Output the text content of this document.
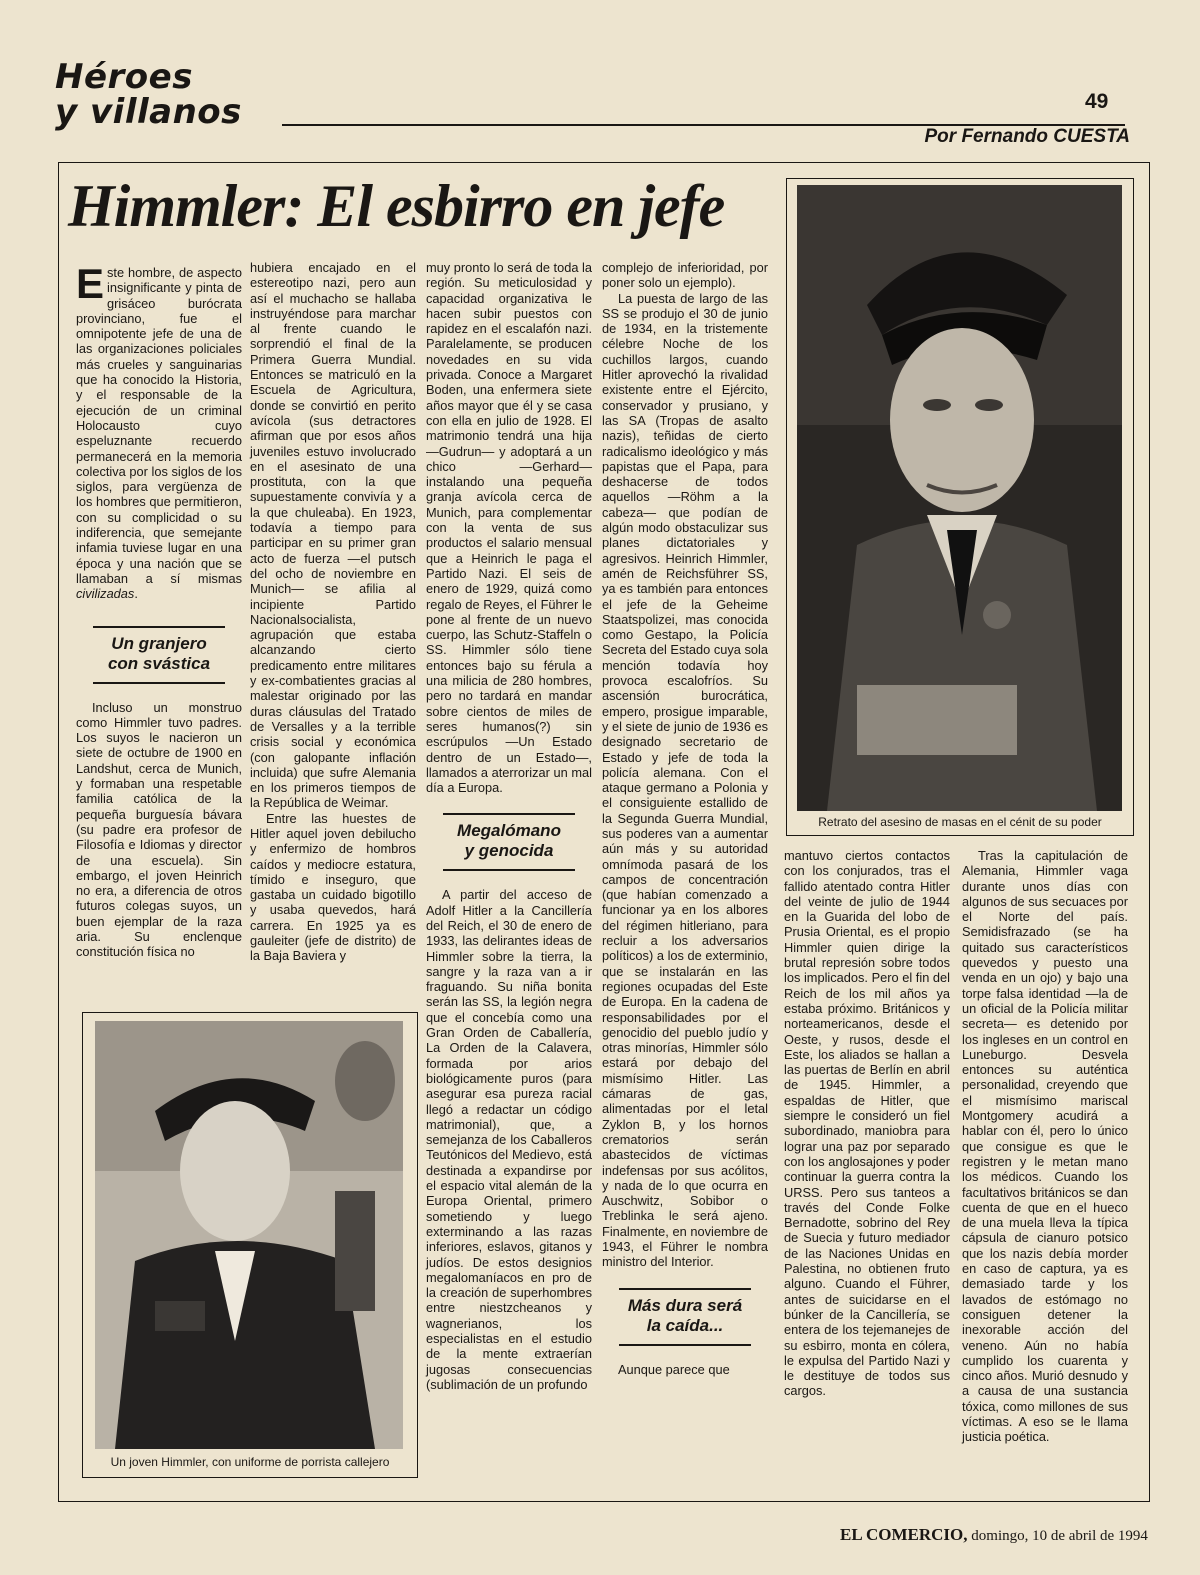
Héroes
y villanos	49
Por Fernando CUESTA
Himmler: El esbirro en jefe

Este hombre, de aspecto insignificante y pinta de grisáceo burócrata provinciano, fue el omnipotente jefe de una de las organizaciones policiales más crueles y sanguinarias que ha conocido la Historia, y el responsable de la ejecución de un criminal Holocausto cuyo espeluznante recuerdo permanecerá en la memoria colectiva por los siglos de los siglos, para vergüenza de los hombres que permitieron, con su complicidad o su indiferencia, que semejante infamia tuviese lugar en una época y una nación que se llamaban a sí mismas civilizadas.

Un granjero
con svástica

Incluso un monstruo como Himmler tuvo padres. Los suyos le nacieron un siete de octubre de 1900 en Landshut, cerca de Munich, y formaban una respetable familia católica de la pequeña burguesía bávara (su padre era profesor de Filosofía e Idiomas y director de una escuela). Sin embargo, el joven Heinrich no era, a diferencia de otros futuros colegas suyos, un buen ejemplar de la raza aria. Su enclenque constitución física no

hubiera encajado en el estereotipo nazi, pero aun así el muchacho se hallaba instruyéndose para marchar al frente cuando le sorprendió el final de la Primera Guerra Mundial. Entonces se matriculó en la Escuela de Agricultura, donde se convirtió en perito avícola (sus detractores afirman que por esos años juveniles estuvo involucrado en el asesinato de una prostituta, con la que supuestamente convivía y a la que chuleaba). En 1923, todavía a tiempo para participar en su primer gran acto de fuerza —el putsch del ocho de noviembre en Munich— se afilia al incipiente Partido Nacionalsocialista, agrupación que estaba alcanzando cierto predicamento entre militares y ex-combatientes gracias al malestar originado por las duras cláusulas del Tratado de Versalles y a la terrible crisis social y económica (con galopante inflación incluida) que sufre Alemania en los primeros tiempos de la República de Weimar.

Entre las huestes de Hitler aquel joven debilucho y enfermizo de hombros caídos y mediocre estatura, tímido e inseguro, que gastaba un cuidado bigotillo y usaba quevedos, hará carrera. En 1925 ya es gauleiter (jefe de distrito) de la Baja Baviera y

muy pronto lo será de toda la región. Su meticulosidad y capacidad organizativa le hacen subir puestos con rapidez en el escalafón nazi. Paralelamente, se producen novedades en su vida privada. Conoce a Margaret Boden, una enfermera siete años mayor que él y se casa con ella en julio de 1928. El matrimonio tendrá una hija —Gudrun— y adoptará a un chico —Gerhard— instalando una pequeña granja avícola cerca de Munich, para complementar con la venta de sus productos el salario mensual que a Heinrich le paga el Partido Nazi. El seis de enero de 1929, quizá como regalo de Reyes, el Führer le pone al frente de un nuevo cuerpo, las Schutz-Staffeln o SS. Himmler sólo tiene entonces bajo su férula a una milicia de 280 hombres, pero no tardará en mandar sobre cientos de miles de seres humanos(?) sin escrúpulos —Un Estado dentro de un Estado—, llamados a aterrorizar un mal día a Europa.

Megalómano
y genocida

A partir del acceso de Adolf Hitler a la Cancillería del Reich, el 30 de enero de 1933, las delirantes ideas de Himmler sobre la tierra, la sangre y la raza van a ir fraguando. Su niña bonita serán las SS, la legión negra que el concebía como una Gran Orden de Caballería, La Orden de la Calavera, formada por arios biológicamente puros (para asegurar esa pureza racial llegó a redactar un código matrimonial), que, a semejanza de los Caballeros Teutónicos del Medievo, está destinada a expandirse por el espacio vital alemán de la Europa Oriental, primero sometiendo y luego exterminando a las razas inferiores, eslavos, gitanos y judíos. De estos designios megalomaníacos en pro de la creación de superhombres entre niestzcheanos y wagnerianos, los especialistas en el estudio de la mente extraerían jugosas consecuencias (sublimación de un profundo

complejo de inferioridad, por poner solo un ejemplo).

La puesta de largo de las SS se produjo el 30 de junio de 1934, en la tristemente célebre Noche de los cuchillos largos, cuando Hitler aprovechó la rivalidad existente entre el Ejército, conservador y prusiano, y las SA (Tropas de asalto nazis), teñidas de cierto radicalismo ideológico y más papistas que el Papa, para deshacerse de todos aquellos —Röhm a la cabeza— que podían de algún modo obstaculizar sus planes dictatoriales y agresivos. Heinrich Himmler, amén de Reichsführer SS, ya es también para entonces el jefe de la Geheime Staatspolizei, mas conocida como Gestapo, la Policía Secreta del Estado cuya sola mención todavía hoy provoca escalofríos. Su ascensión burocrática, empero, prosigue imparable, y el siete de junio de 1936 es designado secretario de Estado y jefe de toda la policía alemana. Con el ataque germano a Polonia y el consiguiente estallido de la Segunda Guerra Mundial, sus poderes van a aumentar aún más y su autoridad omnímoda pasará de los campos de concentración (que habían comenzado a funcionar ya en los albores del régimen hitleriano, para recluir a los adversarios políticos) a los de exterminio, que se instalarán en las regiones ocupadas del Este de Europa. En la cadena de responsabilidades por el genocidio del pueblo judío y otras minorías, Himmler sólo estará por debajo del mismísimo Hitler. Las cámaras de gas, alimentadas por el letal Zyklon B, y los hornos crematorios serán abastecidos de víctimas indefensas por sus acólitos, y nada de lo que ocurra en Auschwitz, Sobibor o Treblinka le será ajeno. Finalmente, en noviembre de 1943, el Führer le nombra ministro del Interior.

Más dura será
la caída...

Aunque parece que

mantuvo ciertos contactos con los conjurados, tras el fallido atentado contra Hitler del veinte de julio de 1944 en la Guarida del lobo de Prusia Oriental, es el propio Himmler quien dirige la brutal represión sobre todos los implicados. Pero el fin del Reich de los mil años ya estaba próximo. Británicos y norteamericanos, desde el Oeste, y rusos, desde el Este, los aliados se hallan a las puertas de Berlín en abril de 1945. Himmler, a espaldas de Hitler, que siempre le consideró un fiel subordinado, maniobra para lograr una paz por separado con los anglosajones y poder continuar la guerra contra la URSS. Pero sus tanteos a través del Conde Folke Bernadotte, sobrino del Rey de Suecia y futuro mediador de las Naciones Unidas en Palestina, no obtienen fruto alguno. Cuando el Führer, antes de suicidarse en el búnker de la Cancillería, se entera de los tejemanejes de su esbirro, monta en cólera, le expulsa del Partido Nazi y le destituye de todos sus cargos.

Tras la capitulación de Alemania, Himmler vaga durante unos días con algunos de sus secuaces por el Norte del país. Semidisfrazado (se ha quitado sus característicos quevedos y puesto una venda en un ojo) y bajo una torpe falsa identidad —la de un oficial de la Policía militar secreta— es detenido por los ingleses en un control en Luneburgo. Desvela entonces su auténtica personalidad, creyendo que el mismísimo mariscal Montgomery acudirá a hablar con él, pero lo único que consigue es que le registren y le metan mano los médicos. Cuando los facultativos británicos se dan cuenta de que en el hueco de una muela lleva la típica cápsula de cianuro potsico que los nazis debía morder en caso de captura, ya es demasiado tarde y los lavados de estómago no consiguen detener la inexorable acción del veneno. Aún no había cumplido los cuarenta y cinco años. Murió desnudo y a causa de una sustancia tóxica, como millones de sus víctimas. A eso se le llama justicia poética.

Retrato del asesino de masas en el cénit de su poder
Un joven Himmler, con uniforme de porrista callejero
EL COMERCIO, domingo, 10 de abril de 1994
